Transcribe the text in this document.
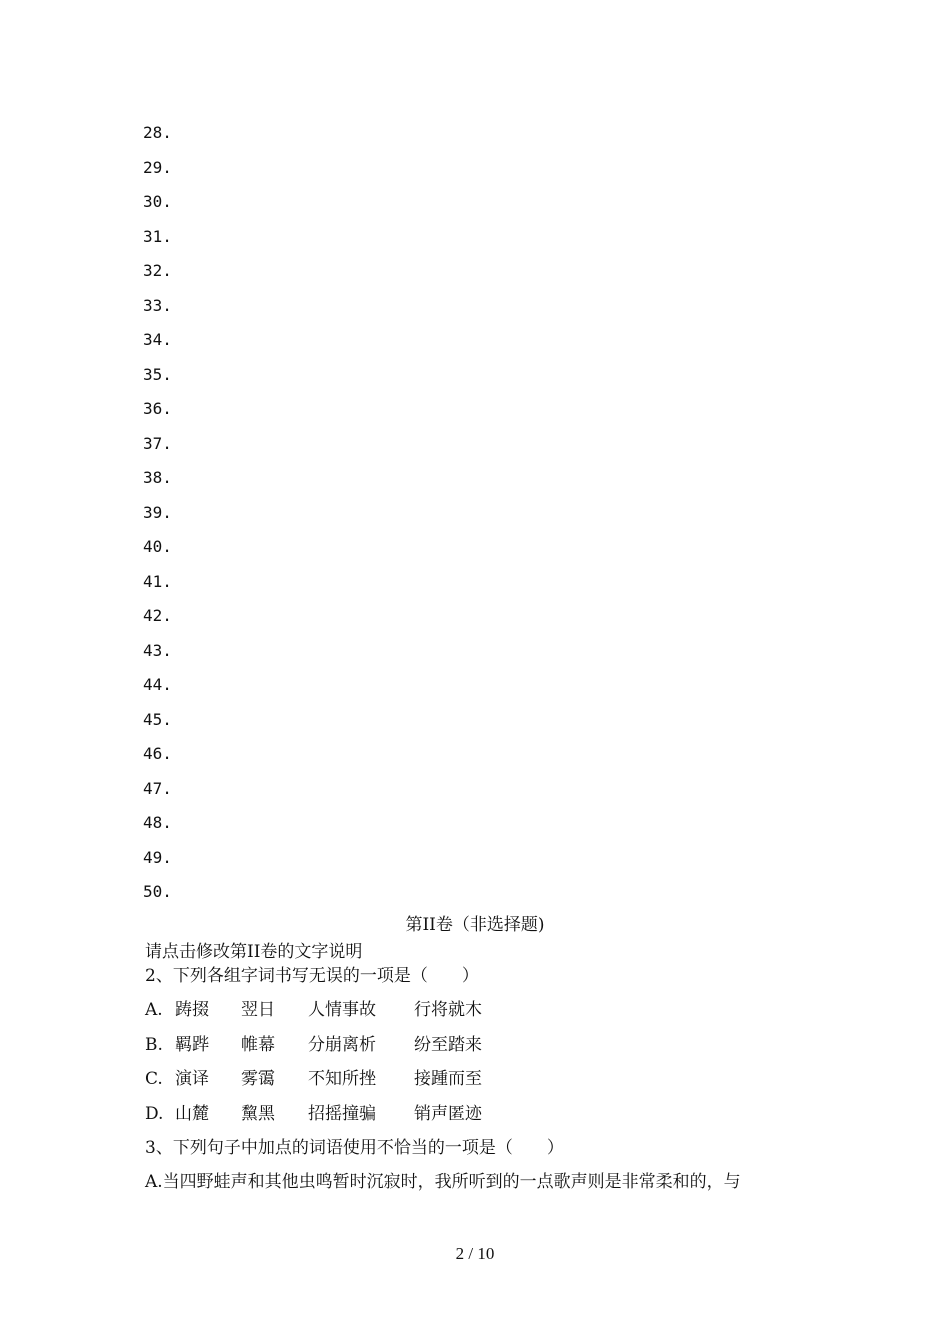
28.
29.
30.
31.
32.
33.
34.
35.
36.
37.
38.
39.
40.
41.
42.
43.
44.
45.
46.
47.
48.
49.
50.
第II卷（非选择题)
请点击修改第II卷的文字说明
2、下列各组字词书写无误的一项是（　　）
A. 踌掇	翌日	人情事故	行将就木
B. 羁跸	帷幕	分崩离析	纷至踏来
C. 演译	雾霭	不知所挫	接踵而至
D. 山麓	黧黑	招摇撞骗	销声匿迹
3、下列句子中加点的词语使用不恰当的一项是（　　）
A.当四野蛙声和其他虫鸣暂时沉寂时，我所听到的一点歌声则是非常柔和的，与
2 / 10
